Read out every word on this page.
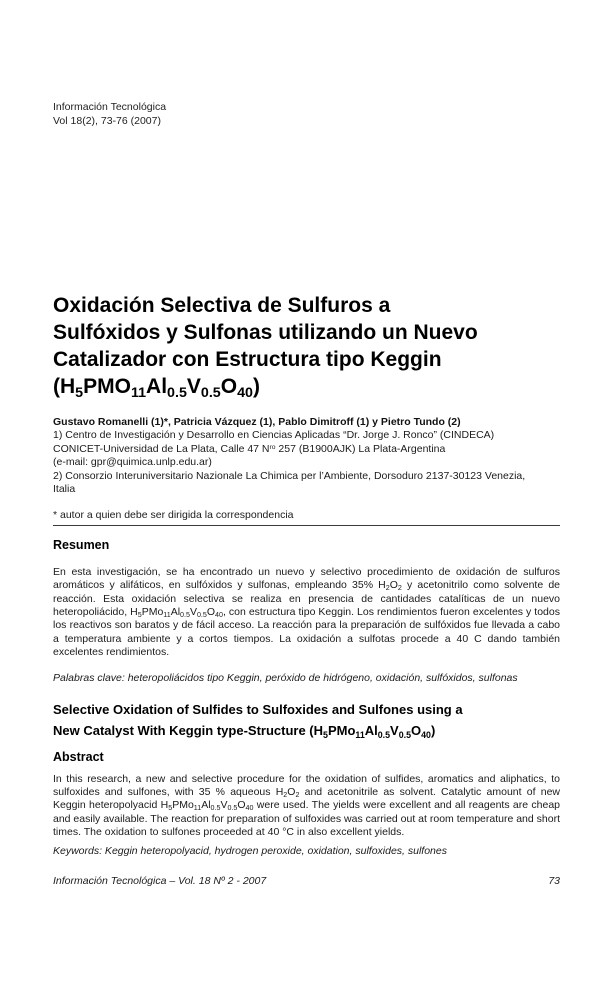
Información Tecnológica
Vol 18(2), 73-76 (2007)
Oxidación Selectiva de Sulfuros a
Sulfóxidos y Sulfonas utilizando un Nuevo
Catalizador con Estructura tipo Keggin
$(H_5PMO_{11}Al_{0.5}V_{0.5}O_{40})$

Gustavo Romanelli (1)*, Patricia Vázquez (1), Pablo Dimitroff (1) y Pietro Tundo (2)

1) Centro de Investigación y Desarrollo en Ciencias Aplicadas “Dr. Jorge J. Ronco” (CINDECA)
CONICET-Universidad de La Plata, Calle 47 $N^{ro}$ 257 (B1900AJK) La Plata-Argentina
(e-mail: gpr@quimica.unlp.edu.ar)
2) Consorzio Interuniversitario Nazionale La Chimica per l’Ambiente, Dorsoduro 2137-30123 Venezia,
Italia

* autor a quien debe ser dirigida la correspondencia

Resumen

En esta investigación, se ha encontrado un nuevo y selectivo procedimiento de oxidación de sulfuros aromáticos y alifáticos, en sulfóxidos y sulfonas, empleando 35% $H_2O_2$ y acetonitrilo como solvente de reacción. Esta oxidación selectiva se realiza en presencia de cantidades catalíticas de un nuevo heteropoliácido, $H_5PMo_{11}Al_{0.5}V_{0.5}O_{40}$, con estructura tipo Keggin. Los rendimientos fueron excelentes y todos los reactivos son baratos y de fácil acceso. La reacción para la preparación de sulfóxidos fue llevada a cabo a temperatura ambiente y a cortos tiempos. La oxidación a sulfotas procede a 40 C dando también excelentes rendimientos.

Palabras clave: heteropoliácidos tipo Keggin, peróxido de hidrógeno, oxidación, sulfóxidos, sulfonas

Selective Oxidation of Sulfides to Sulfoxides and Sulfones using a
New Catalyst With Keggin type-Structure $(H_5PMo_{11}Al_{0.5}V_{0.5}O_{40})$
Abstract

In this research, a new and selective procedure for the oxidation of sulfides, aromatics and aliphatics, to sulfoxides and sulfones, with 35 % aqueous $H_2O_2$ and acetonitrile as solvent. Catalytic amount of new Keggin heteropolyacid $H_5PMo_{11}Al_{0.5}V_{0.5}O_{40}$ were used. The yields were excellent and all reagents are cheap and easily available. The reaction for preparation of sulfoxides was carried out at room temperature and short times. The oxidation to sulfones proceeded at 40 °C in also excellent yields.

Keywords: Keggin heteropolyacid, hydrogen peroxide, oxidation, sulfoxides, sulfones

Información Tecnológica – Vol. 18 Nº 2 - 2007	73
